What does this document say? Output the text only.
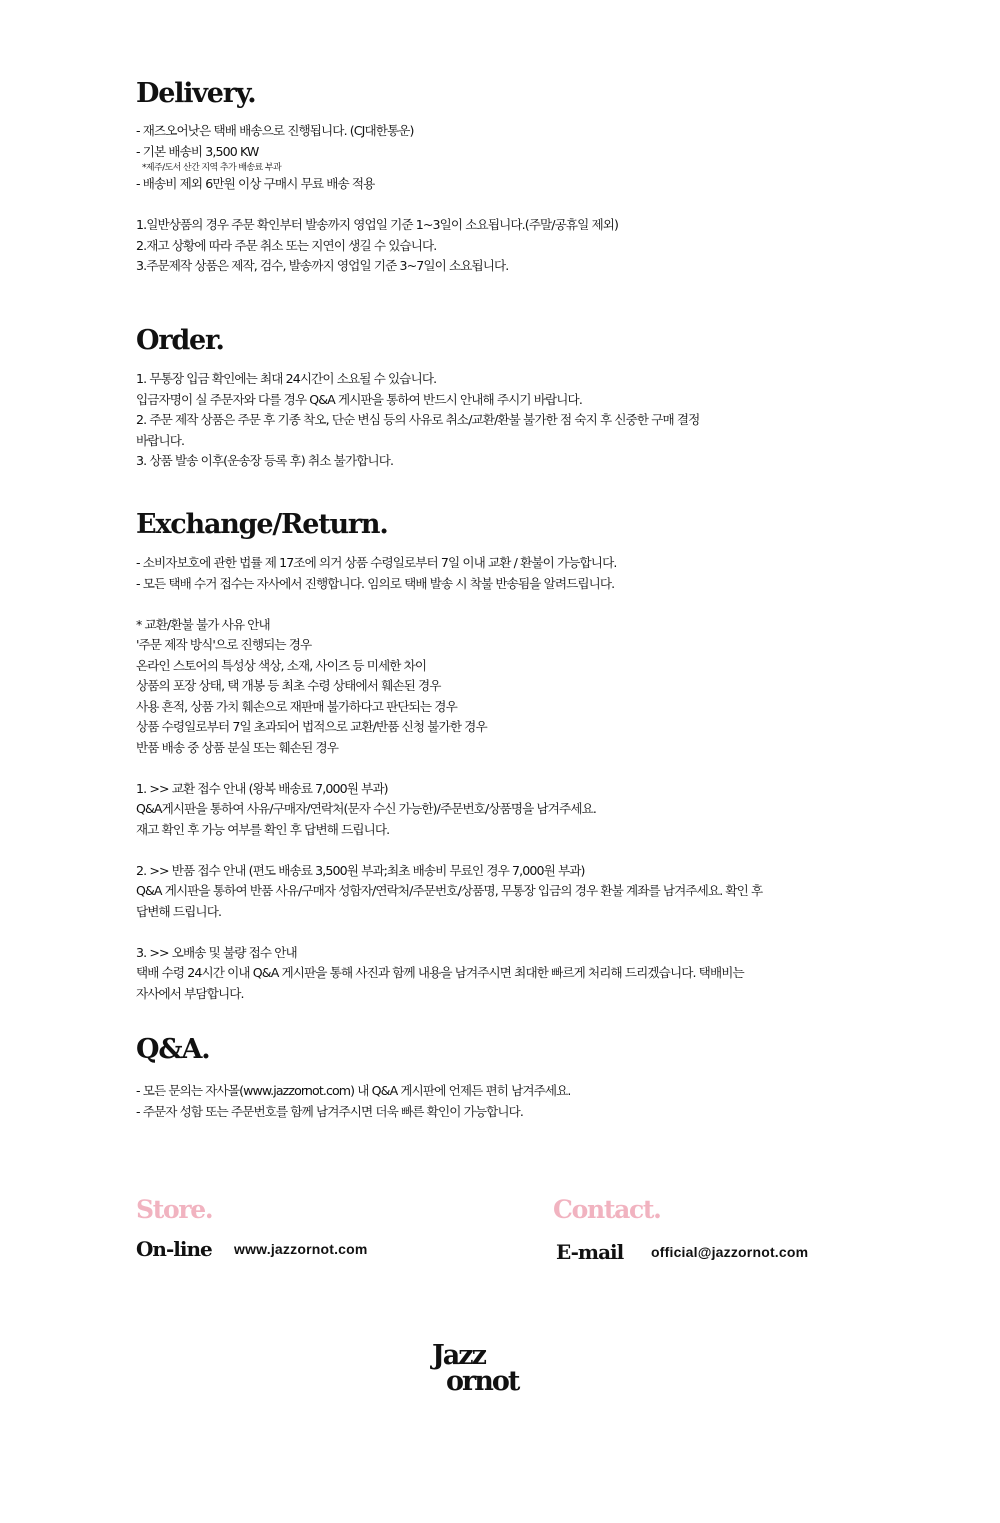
Delivery.
- 재즈오어낫은 택배 배송으로 진행됩니다. (CJ대한통운)
- 기본 배송비 3,500 KW
*제주/도서 산간 지역 추가 배송료 부과
- 배송비 제외 6만원 이상 구매시 무료 배송 적용
1.일반상품의 경우 주문 확인부터 발송까지 영업일 기준 1~3일이 소요됩니다.(주말/공휴일 제외)
2.재고 상황에 따라 주문 취소 또는 지연이 생길 수 있습니다.
3.주문제작 상품은 제작, 검수, 발송까지 영업일 기준 3~7일이 소요됩니다.
Order.
1. 무통장 입금 확인에는 최대 24시간이 소요될 수 있습니다.
입금자명이 실 주문자와 다를 경우 Q&A 게시판을 통하여 반드시 안내해 주시기 바랍니다.
2. 주문 제작 상품은 주문 후 기종 착오, 단순 변심 등의 사유로 취소/교환/환불 불가한 점 숙지 후 신중한 구매 결정
바랍니다.
3. 상품 발송 이후(운송장 등록 후) 취소 불가합니다.
Exchange/Return.
- 소비자보호에 관한 법률 제 17조에 의거 상품 수령일로부터 7일 이내 교환 / 환불이 가능합니다.
- 모든 택배 수거 접수는 자사에서 진행합니다. 임의로 택배 발송 시 착불 반송됨을 알려드립니다.
* 교환/환불 불가 사유 안내
'주문 제작 방식'으로 진행되는 경우
온라인 스토어의 특성상 색상, 소재, 사이즈 등 미세한 차이
상품의 포장 상태, 택 개봉 등 최초 수령 상태에서 훼손된 경우
사용 흔적, 상품 가치 훼손으로 재판매 불가하다고 판단되는 경우
상품 수령일로부터 7일 초과되어 법적으로 교환/반품 신청 불가한 경우
반품 배송 중 상품 분실 또는 훼손된 경우
1. >> 교환 접수 안내 (왕복 배송료 7,000원 부과)
Q&A게시판을 통하여 사유/구매자/연락처(문자 수신 가능한)/주문번호/상품명을 남겨주세요.
재고 확인 후 가능 여부를 확인 후 답변해 드립니다.
2. >> 반품 접수 안내 (편도 배송료 3,500원 부과;최초 배송비 무료인 경우 7,000원 부과)
Q&A 게시판을 통하여 반품 사유/구매자 성함자/연락처/주문번호/상품명, 무통장 입금의 경우 환불 계좌를 남겨주세요. 확인 후
답변해 드립니다.
3. >> 오배송 및 불량 접수 안내
택배 수령 24시간 이내 Q&A 게시판을 통해 사진과 함께 내용을 남겨주시면 최대한 빠르게 처리해 드리겠습니다. 택배비는
자사에서 부담합니다.
Q&A.
- 모든 문의는 자사몰(www.jazzornot.com) 내 Q&A 게시판에 언제든 편히 남겨주세요.
- 주문자 성함 또는 주문번호를 함께 남겨주시면 더욱 빠른 확인이 가능합니다.
Store.
On-line www.jazzornot.com
Contact.
E-mail official@jazzornot.com
Jazz
ornot
